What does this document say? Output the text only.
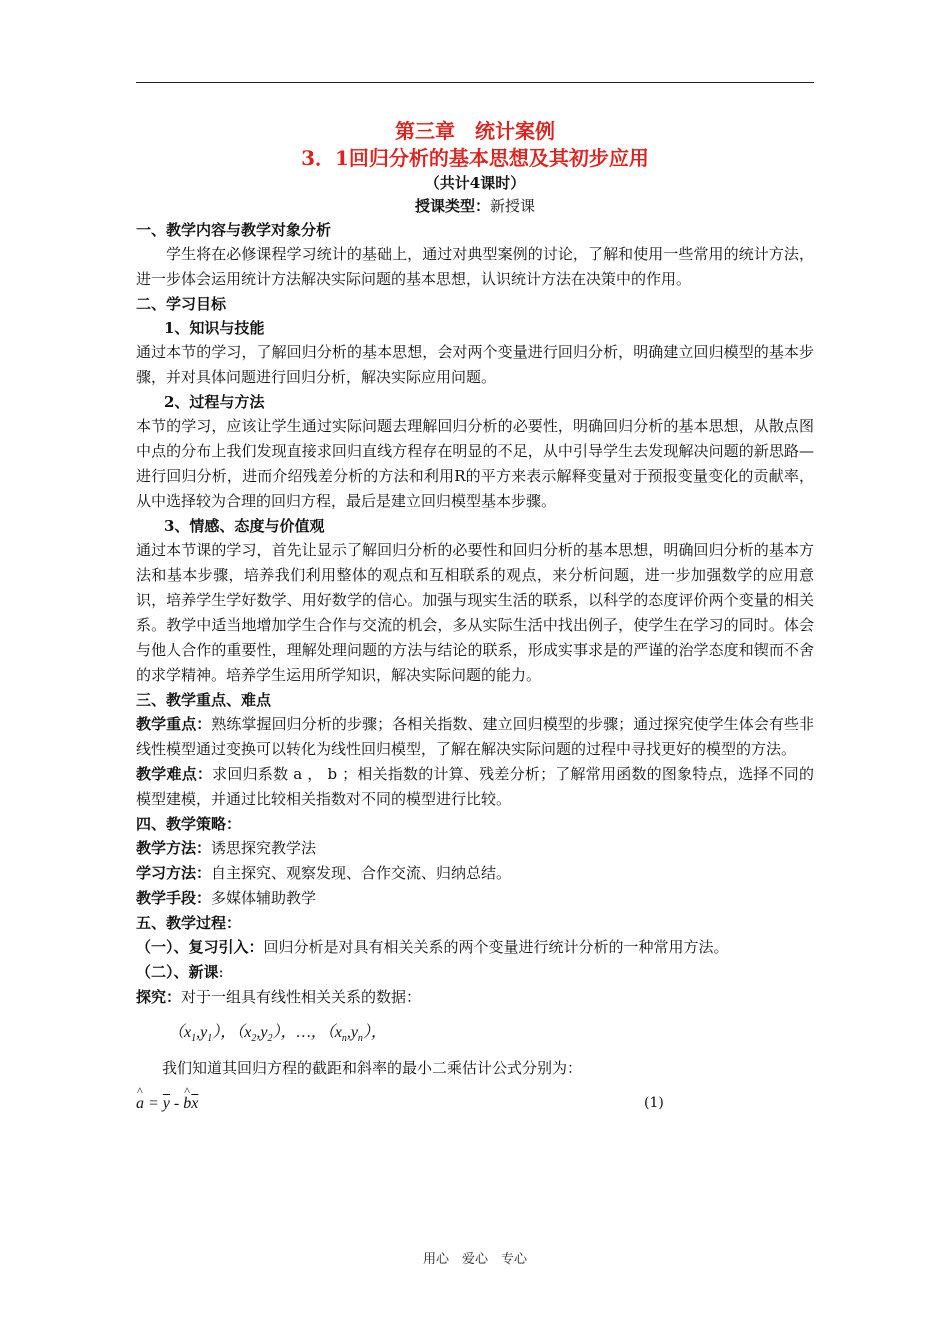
第三章　统计案例
3．1回归分析的基本思想及其初步应用
（共计4课时）
授课类型：新授课
一、教学内容与教学对象分析
学生将在必修课程学习统计的基础上，通过对典型案例的讨论，了解和使用一些常用的统计方法，进一步体会运用统计方法解决实际问题的基本思想，认识统计方法在决策中的作用。
二、学习目标
1、知识与技能
通过本节的学习，了解回归分析的基本思想，会对两个变量进行回归分析，明确建立回归模型的基本步骤，并对具体问题进行回归分析，解决实际应用问题。
2、过程与方法
本节的学习，应该让学生通过实际问题去理解回归分析的必要性，明确回归分析的基本思想，从散点图中点的分布上我们发现直接求回归直线方程存在明显的不足，从中引导学生去发现解决问题的新思路—进行回归分析，进而介绍残差分析的方法和利用R的平方来表示解释变量对于预报变量变化的贡献率，从中选择较为合理的回归方程，最后是建立回归模型基本步骤。
3、情感、态度与价值观
通过本节课的学习，首先让显示了解回归分析的必要性和回归分析的基本思想，明确回归分析的基本方法和基本步骤，培养我们利用整体的观点和互相联系的观点，来分析问题，进一步加强数学的应用意识，培养学生学好数学、用好数学的信心。加强与现实生活的联系，以科学的态度评价两个变量的相关系。教学中适当地增加学生合作与交流的机会，多从实际生活中找出例子，使学生在学习的同时。体会与他人合作的重要性，理解处理问题的方法与结论的联系，形成实事求是的严谨的治学态度和锲而不舍的求学精神。培养学生运用所学知识，解决实际问题的能力。
三、教学重点、难点
教学重点：熟练掌握回归分析的步骤；各相关指数、建立回归模型的步骤；通过探究使学生体会有些非线性模型通过变换可以转化为线性回归模型，了解在解决实际问题的过程中寻找更好的模型的方法。
教学难点：求回归系数 a ， b ；相关指数的计算、残差分析；了解常用函数的图象特点，选择不同的模型建模，并通过比较相关指数对不同的模型进行比较。
四、教学策略：
教学方法：诱思探究教学法
学习方法：自主探究、观察发现、合作交流、归纳总结。
教学手段：多媒体辅助教学
五、教学过程：
（一）、复习引入：回归分析是对具有相关关系的两个变量进行统计分析的一种常用方法。
（二）、新课:
探究：对于一组具有线性相关关系的数据：
$(x_1,y_1)$，$(x_2,y_2)$，…，$(x_n,y_n)$，
我们知道其回归方程的截距和斜率的最小二乘估计公式分别为：
^ $a = \overline{y}$ - ^ $b\overline{x}$	(1)
用心　爱心　专心
